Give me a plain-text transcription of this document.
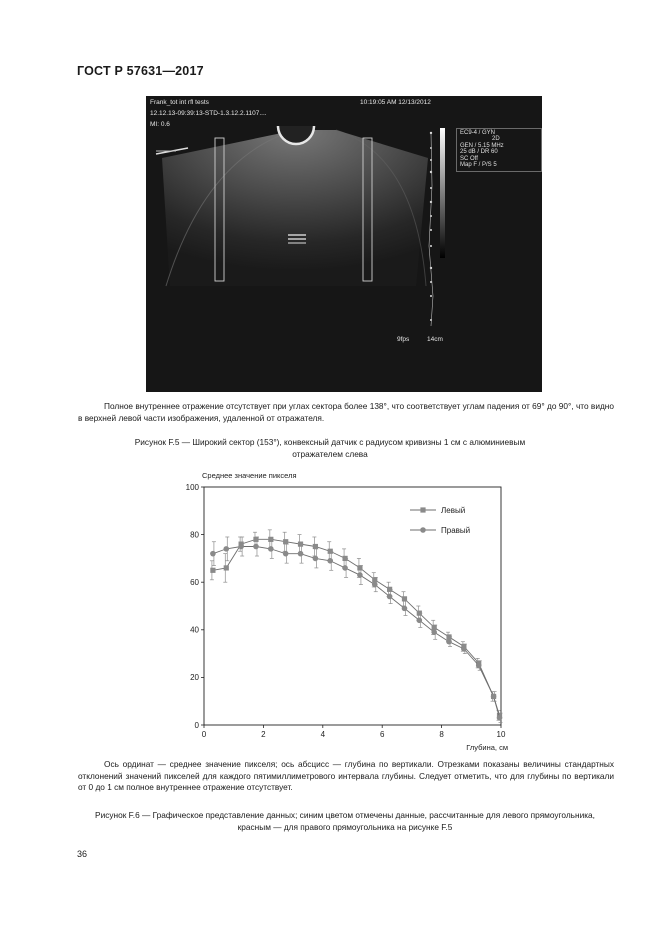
ГОСТ Р 57631—2017
Frank_tot int rfl tests	10:19:05 AM 12/13/2012
12.12.13-09:39:13-STD-1.3.12.2.1107....
MI: 0.6
EC9-4 / GYN
2D
GEN / 5.15 MHz
25 dB / DR 60
SC Off
Map F / P/S 5
9fps	14cm
Полное внутреннее отражение отсутствует при углах сектора более 138°, что соответствует углам падения от 69° до 90°, что видно в верхней левой части изображения, удаленной от отражателя.
Рисунок F.5 — Широкий сектор (153°), конвексный датчик с радиусом кривизны 1 см с алюминиевым отражателем слева
Среднее значение пикселя
0
20
40
60
80
100
0	2	4	6	8	10
Левый
Правый
Глубина, см
Ось ординат — среднее значение пикселя; ось абсцисс — глубина по вертикали. Отрезками показаны величины стандартных отклонений значений пикселей для каждого пятимиллиметрового интервала глубины. Следует отметить, что для глубины по вертикали от 0 до 1 см полное внутреннее отражение отсутствует.
Рисунок F.6 — Графическое представление данных; синим цветом отмечены данные, рассчитанные для левого прямоугольника, красным — для правого прямоугольника на рисунке F.5
36
